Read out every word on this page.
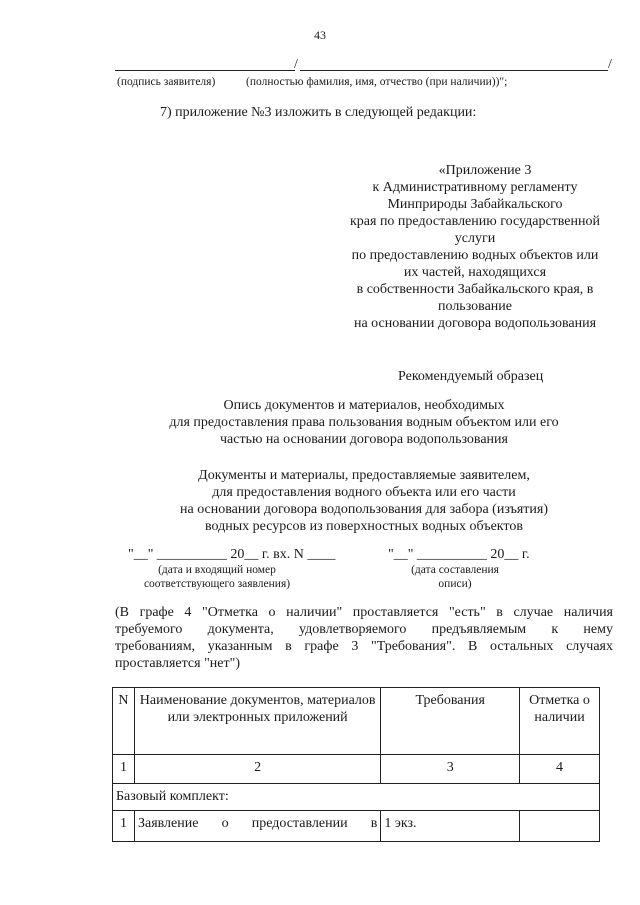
43
/	/
(подпись заявителя)	(полностью фамилия, имя, отчество (при наличии))";
7) приложение №3 изложить в следующей редакции:
«Приложение 3
к Административному регламенту
Минприроды Забайкальского
края по предоставлению государственной
услуги
по предоставлению водных объектов или
их частей, находящихся
в собственности Забайкальского края, в
пользование
на основании договора водопользования
Рекомендуемый образец
Опись документов и материалов, необходимых
для предоставления права пользования водным объектом или его
частью на основании договора водопользования
Документы и материалы, предоставляемые заявителем,
для предоставления водного объекта или его части
на основании договора водопользования для забора (изъятия)
водных ресурсов из поверхностных водных объектов
"__" __________ 20__ г. вх. N ____
(дата и входящий номер
соответствующего заявления)
"__" __________ 20__ г.
(дата составления
описи)
(В графе 4 "Отметка о наличии" проставляется "есть" в случае наличия
требуемого документа, удовлетворяемого предъявляемым к нему
требованиям, указанным в графе 3 "Требования". В остальных случаях
проставляется "нет")
N	Наименование документов, материалов или электронных приложений	Требования	Отметка о наличии
1	2	3	4
Базовый комплект:			
1	Заявление о предоставлении в	1 экз.	
